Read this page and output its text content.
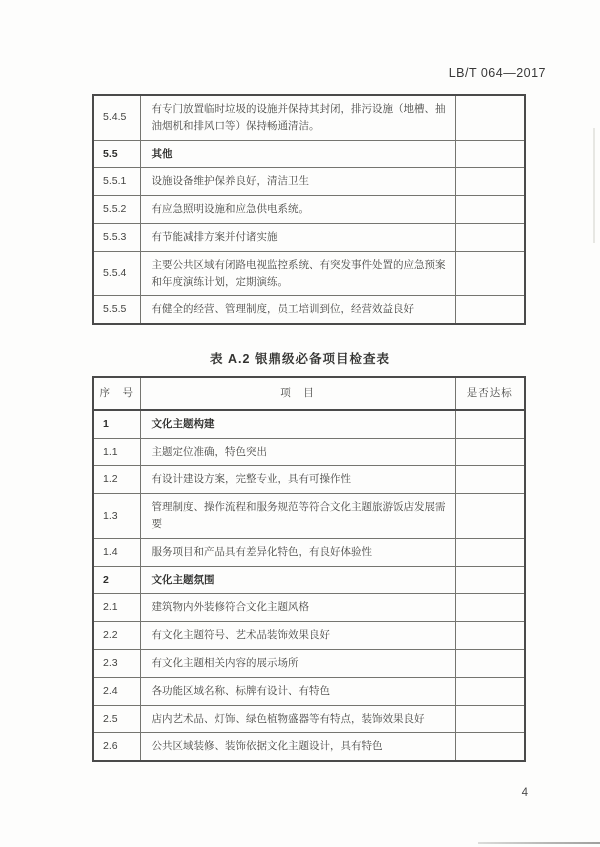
LB/T 064—2017
5.4.5	有专门放置临时垃圾的设施并保持其封闭，排污设施（地槽、抽油烟机和排风口等）保持畅通清洁。	
5.5	其他	
5.5.1	设施设备维护保养良好，清洁卫生	
5.5.2	有应急照明设施和应急供电系统。	
5.5.3	有节能减排方案并付诸实施	
5.5.4	主要公共区域有闭路电视监控系统、有突发事件处置的应急预案和年度演练计划，定期演练。	
5.5.5	有健全的经营、管理制度，员工培训到位，经营效益良好	
表 A.2 银鼎级必备项目检查表
序　号	项　目	是否达标
1	文化主题构建	
1.1	主题定位准确，特色突出	
1.2	有设计建设方案，完整专业，具有可操作性	
1.3	管理制度、操作流程和服务规范等符合文化主题旅游饭店发展需要	
1.4	服务项目和产品具有差异化特色，有良好体验性	
2	文化主题氛围	
2.1	建筑物内外装修符合文化主题风格	
2.2	有文化主题符号、艺术品装饰效果良好	
2.3	有文化主题相关内容的展示场所	
2.4	各功能区域名称、标牌有设计、有特色	
2.5	店内艺术品、灯饰、绿色植物盛器等有特点，装饰效果良好	
2.6	公共区域装修、装饰依据文化主题设计，具有特色	
4
